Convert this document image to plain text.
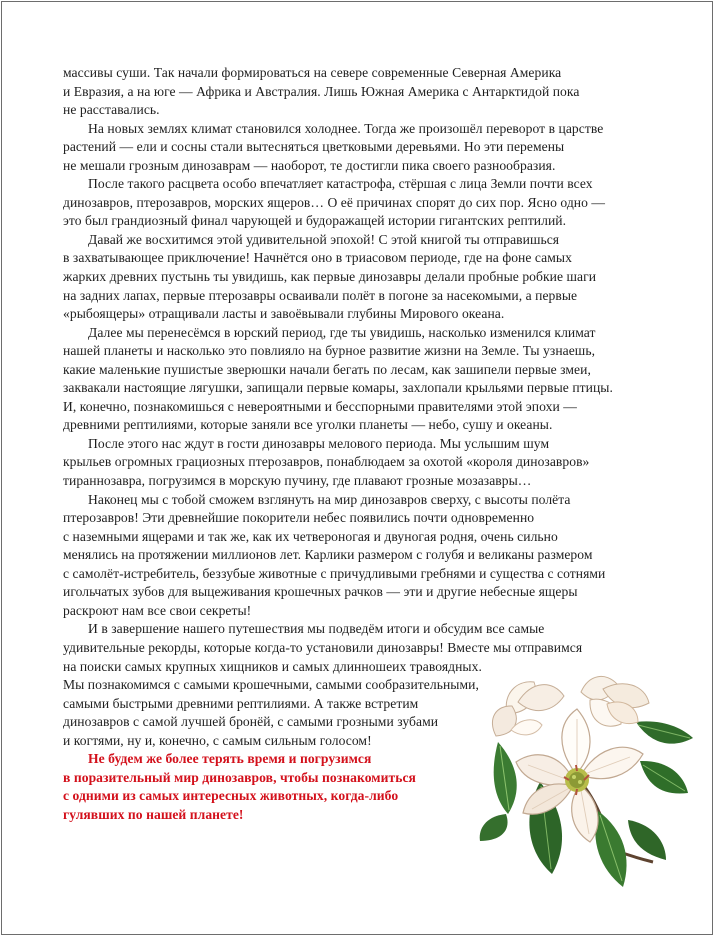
массивы суши. Так начали формироваться на севере современные Северная Америка
и Евразия, а на юге — Африка и Австралия. Лишь Южная Америка с Антарктидой пока
не расставались.
На новых землях климат становился холоднее. Тогда же произошёл переворот в царстве
растений — ели и сосны стали вытесняться цветковыми деревьями. Но эти перемены
не мешали грозным динозаврам — наоборот, те достигли пика своего разнообразия.
После такого расцвета особо впечатляет катастрофа, стёршая с лица Земли почти всех
динозавров, птерозавров, морских ящеров… О её причинах спорят до сих пор. Ясно одно —
это был грандиозный финал чарующей и будоражащей истории гигантских рептилий.
Давай же восхитимся этой удивительной эпохой! С этой книгой ты отправишься
в захватывающее приключение! Начнётся оно в триасовом периоде, где на фоне самых
жарких древних пустынь ты увидишь, как первые динозавры делали пробные робкие шаги
на задних лапах, первые птерозавры осваивали полёт в погоне за насекомыми, а первые
«рыбоящеры» отращивали ласты и завоёвывали глубины Мирового океана.
Далее мы перенесёмся в юрский период, где ты увидишь, насколько изменился климат
нашей планеты и насколько это повлияло на бурное развитие жизни на Земле. Ты узнаешь,
какие маленькие пушистые зверюшки начали бегать по лесам, как зашипели первые змеи,
заквакали настоящие лягушки, запищали первые комары, захлопали крыльями первые птицы.
И, конечно, познакомишься с невероятными и бесспорными правителями этой эпохи —
древними рептилиями, которые заняли все уголки планеты — небо, сушу и океаны.
После этого нас ждут в гости динозавры мелового периода. Мы услышим шум
крыльев огромных грациозных птерозавров, понаблюдаем за охотой «короля динозавров»
тираннозавра, погрузимся в морскую пучину, где плавают грозные мозазавры…
Наконец мы с тобой сможем взглянуть на мир динозавров сверху, с высоты полёта
птерозавров! Эти древнейшие покорители небес появились почти одновременно
с наземными ящерами и так же, как их четвероногая и двуногая родня, очень сильно
менялись на протяжении миллионов лет. Карлики размером с голубя и великаны размером
с самолёт-истребитель, беззубые животные с причудливыми гребнями и существа с сотнями
игольчатых зубов для выцеживания крошечных рачков — эти и другие небесные ящеры
раскроют нам все свои секреты!
И в завершение нашего путешествия мы подведём итоги и обсудим все самые
удивительные рекорды, которые когда-то установили динозавры! Вместе мы отправимся
на поиски самых крупных хищников и самых длинношеих травоядных.
Мы познакомимся с самыми крошечными, самыми сообразительными,
самыми быстрыми древними рептилиями. А также встретим
динозавров с самой лучшей бронёй, с самыми грозными зубами
и когтями, ну и, конечно, с самым сильным голосом!
Не будем же более терять время и погрузимся
в поразительный мир динозавров, чтобы познакомиться
с одними из самых интересных животных, когда-либо
гулявших по нашей планете!
